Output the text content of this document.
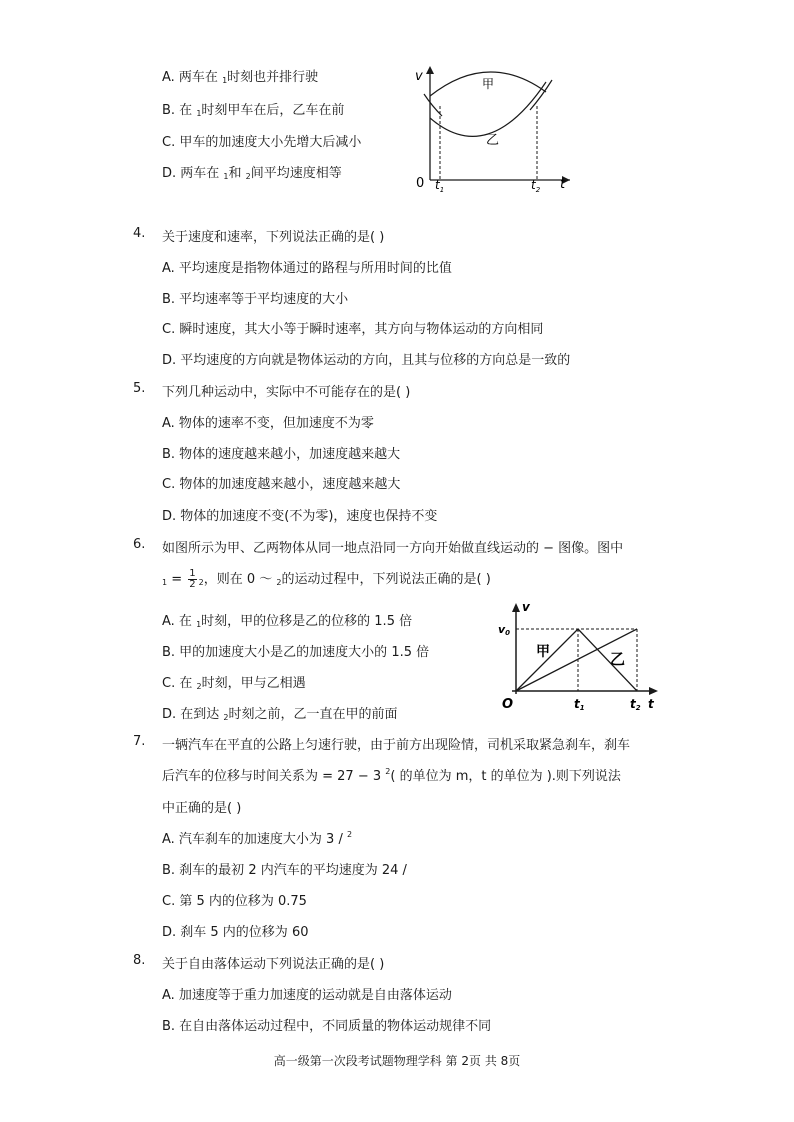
A. 两车在 $_1$时刻也并排行驶
B. 在 $_1$时刻甲车在后，乙车在前
C. 甲车的加速度大小先增大后减小
D. 两车在 $_1$和 $_2$间平均速度相等
v	甲
乙
0 $t_1$	$t_2$ t
4.	关于速度和速率，下列说法正确的是( )
A. 平均速度是指物体通过的路程与所用时间的比值
B. 平均速率等于平均速度的大小
C. 瞬时速度，其大小等于瞬时速率，其方向与物体运动的方向相同
D. 平均速度的方向就是物体运动的方向，且其与位移的方向总是一致的
5.	下列几种运动中，实际中不可能存在的是( )
A. 物体的速率不变，但加速度不为零
B. 物体的速度越来越小，加速度越来越大
C. 物体的加速度越来越小，速度越来越大
D. 物体的加速度不变(不为零)，速度也保持不变
6.	如图所示为甲、乙两物体从同一地点沿同一方向开始做直线运动的 − 图像。图中
$_1 = \frac{1}{2} _2$，则在 0 ～ $_2$的运动过程中，下列说法正确的是( )
A. 在 $_1$时刻，甲的位移是乙的位移的 1.5 倍
B. 甲的加速度大小是乙的加速度大小的 1.5 倍
C. 在 $_2$时刻，甲与乙相遇
D. 在到达 $_2$时刻之前，乙一直在甲的前面
v
v0
甲	乙
O	t1	t2 t
7.	一辆汽车在平直的公路上匀速行驶，由于前方出现险情，司机采取紧急刹车，刹车
后汽车的位移与时间关系为 = 27 − 3 $^2$( 的单位为 m，t 的单位为 ).则下列说法
中正确的是( )
A. 汽车刹车的加速度大小为 3 / $^2$
B. 刹车的最初 2 内汽车的平均速度为 24 /
C. 第 5 内的位移为 0.75
D. 刹车 5 内的位移为 60
8.	关于自由落体运动下列说法正确的是( )
A. 加速度等于重力加速度的运动就是自由落体运动
B. 在自由落体运动过程中，不同质量的物体运动规律不同
高一级第一次段考试题物理学科 第 2页 共 8页
